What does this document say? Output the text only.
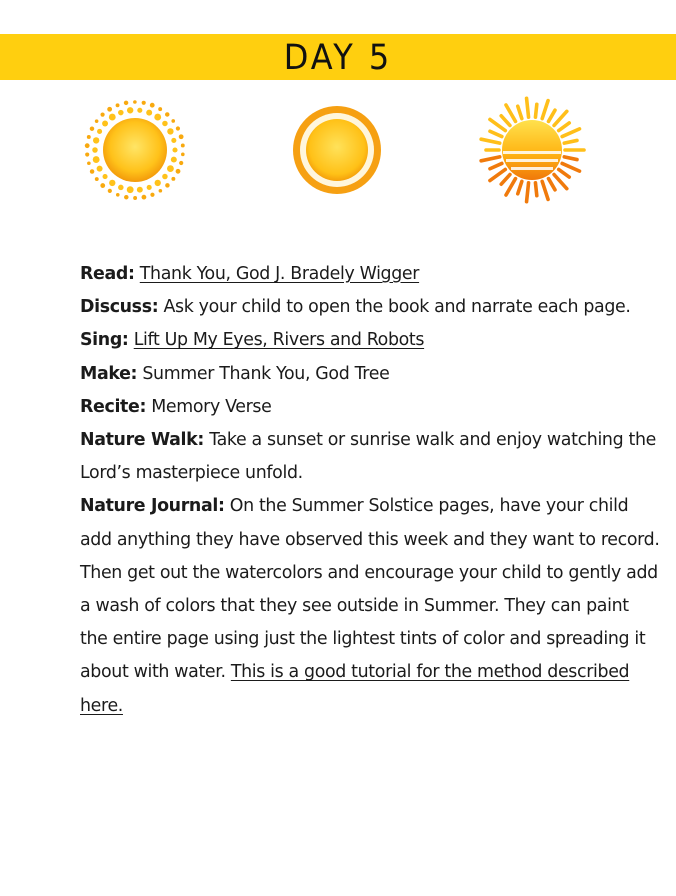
DAY 5
Read: Thank You, God J. Bradely Wigger
Discuss: Ask your child to open the book and narrate each page.
Sing: Lift Up My Eyes, Rivers and Robots
Make: Summer Thank You, God Tree
Recite: Memory Verse
Nature Walk: Take a sunset or sunrise walk and enjoy watching the
Lord’s masterpiece unfold.
Nature Journal: On the Summer Solstice pages, have your child
add anything they have observed this week and they want to record.
Then get out the watercolors and encourage your child to gently add
a wash of colors that they see outside in Summer. They can paint
the entire page using just the lightest tints of color and spreading it
about with water. This is a good tutorial for the method described
here.
